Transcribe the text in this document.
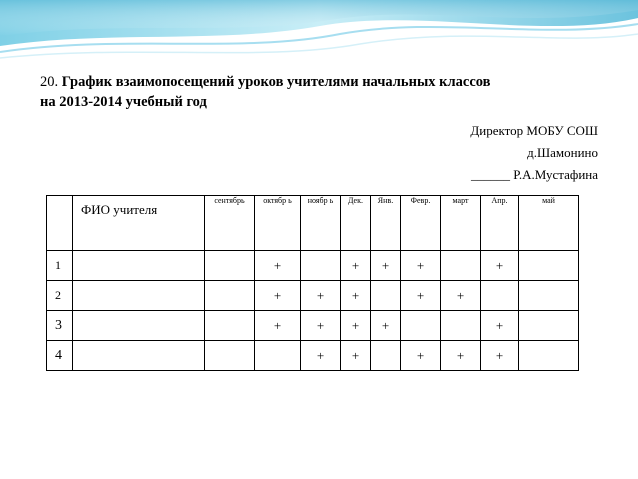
20. График взаимопосещений уроков учителями начальных классов
на 2013-2014 учебный год
Директор МОБУ СОШ
д.Шамонино
______ Р.А.Мустафина
	ФИО учителя	сентябрь	октябр ь	ноябр ь	Дек.	Янв.	Февр.	март	Апр.	май
1			+		+	+	+		+	
2			+	+	+		+	+		
3			+	+	+	+			+	
4				+	+		+	+	+	
